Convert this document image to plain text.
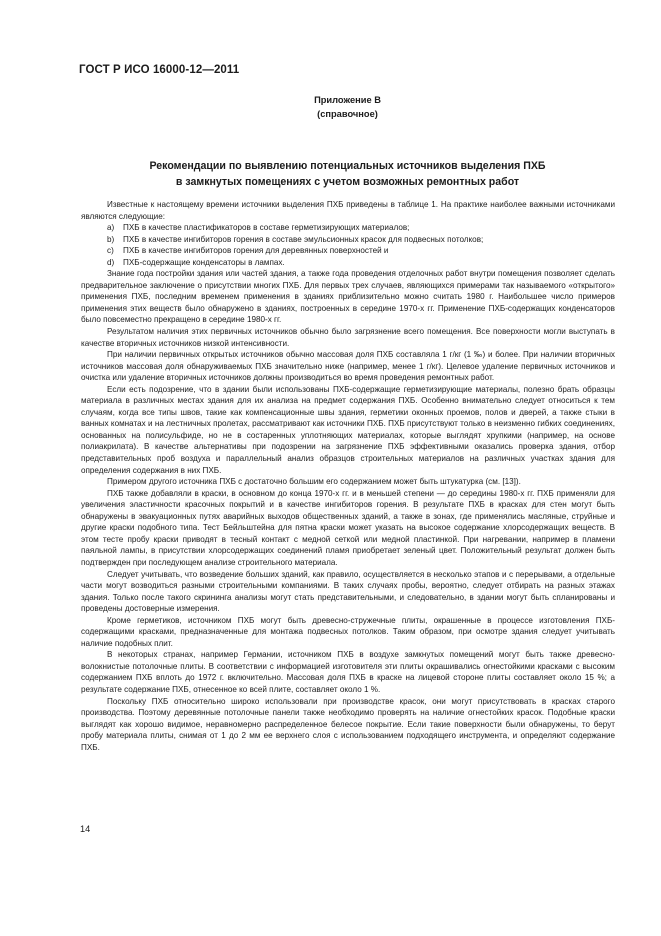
ГОСТ Р ИСО 16000-12—2011
Приложение В
(справочное)
Рекомендации по выявлению потенциальных источников выделения ПХБ
в замкнутых помещениях с учетом возможных ремонтных работ

Известные к настоящему времени источники выделения ПХБ приведены в таблице 1. На практике наиболее важными источниками являются следующие:

a) ПХБ в качестве пластификаторов в составе герметизирующих материалов;
b) ПХБ в качестве ингибиторов горения в составе эмульсионных красок для подвесных потолков;
c) ПХБ в качестве ингибиторов горения для деревянных поверхностей и
d) ПХБ-содержащие конденсаторы в лампах.

Знание года постройки здания или частей здания, а также года проведения отделочных работ внутри помещения позволяет сделать предварительное заключение о присутствии многих ПХБ. Для первых трех случаев, являющихся примерами так называемого «открытого» применения ПХБ, последним временем применения в зданиях приблизительно можно считать 1980 г. Наибольшее число примеров применения этих веществ было обнаружено в зданиях, построенных в середине 1970-х гг. Применение ПХБ-содержащих конденсаторов было повсеместно прекращено в середине 1980-х гг.

Результатом наличия этих первичных источников обычно было загрязнение всего помещения. Все поверхности могли выступать в качестве вторичных источников низкой интенсивности.

При наличии первичных открытых источников обычно массовая доля ПХБ составляла 1 г/кг (1 ‰) и более. При наличии вторичных источников массовая доля обнаруживаемых ПХБ значительно ниже (например, менее 1 г/кг). Целевое удаление первичных источников и очистка или удаление вторичных источников должны производиться во время проведения ремонтных работ.

Если есть подозрение, что в здании были использованы ПХБ-содержащие герметизирующие материалы, полезно брать образцы материала в различных местах здания для их анализа на предмет содержания ПХБ. Особенно внимательно следует относиться к тем случаям, когда все типы швов, такие как компенсационные швы здания, герметики оконных проемов, полов и дверей, а также стыки в ванных комнатах и на лестничных пролетах, рассматривают как источники ПХБ. ПХБ присутствуют только в неизменно гибких соединениях, основанных на полисульфиде, но не в состаренных уплотняющих материалах, которые выглядят хрупкими (например, на основе полиакрилата). В качестве альтернативы при подозрении на загрязнение ПХБ эффективными оказались проверка здания, отбор представительных проб воздуха и параллельный анализ образцов строительных материалов на различных участках здания для определения содержания в них ПХБ.

Примером другого источника ПХБ с достаточно большим его содержанием может быть штукатурка (см. [13]).

ПХБ также добавляли в краски, в основном до конца 1970-х гг. и в меньшей степени — до середины 1980-х гг. ПХБ применяли для увеличения эластичности красочных покрытий и в качестве ингибиторов горения. В результате ПХБ в красках для стен могут быть обнаружены в эвакуационных путях аварийных выходов общественных зданий, а также в зонах, где применялись масляные, струйные и другие краски подобного типа. Тест Бейльштейна для пятна краски может указать на высокое содержание хлорсодержащих веществ. В этом тесте пробу краски приводят в тесный контакт с медной сеткой или медной пластинкой. При нагревании, например в пламени паяльной лампы, в присутствии хлорсодержащих соединений пламя приобретает зеленый цвет. Положительный результат должен быть подтвержден при последующем анализе строительного материала.

Следует учитывать, что возведение больших зданий, как правило, осуществляется в несколько этапов и с перерывами, а отдельные части могут возводиться разными строительными компаниями. В таких случаях пробы, вероятно, следует отбирать на разных этажах здания. Только после такого скрининга анализы могут стать представительными, и следовательно, в здании могут быть спланированы и проведены достоверные измерения.

Кроме герметиков, источником ПХБ могут быть древесно-стружечные плиты, окрашенные в процессе изготовления ПХБ-содержащими красками, предназначенные для монтажа подвесных потолков. Таким образом, при осмотре здания следует учитывать наличие подобных плит.

В некоторых странах, например Германии, источником ПХБ в воздухе замкнутых помещений могут быть также древесно-волокнистые потолочные плиты. В соответствии с информацией изготовителя эти плиты окрашивались огнестойкими красками с высоким содержанием ПХБ вплоть до 1972 г. включительно. Массовая доля ПХБ в краске на лицевой стороне плиты составляет около 15 %; а результате содержание ПХБ, отнесенное ко всей плите, составляет около 1 %.

Поскольку ПХБ относительно широко использовали при производстве красок, они могут присутствовать в красках старого производства. Поэтому деревянные потолочные панели также необходимо проверять на наличие огнестойких красок. Подобные краски выглядят как хорошо видимое, неравномерно распределенное белесое покрытие. Если такие поверхности были обнаружены, то берут пробу материала плиты, снимая от 1 до 2 мм ее верхнего слоя с использованием подходящего инструмента, и определяют содержание ПХБ.

14
